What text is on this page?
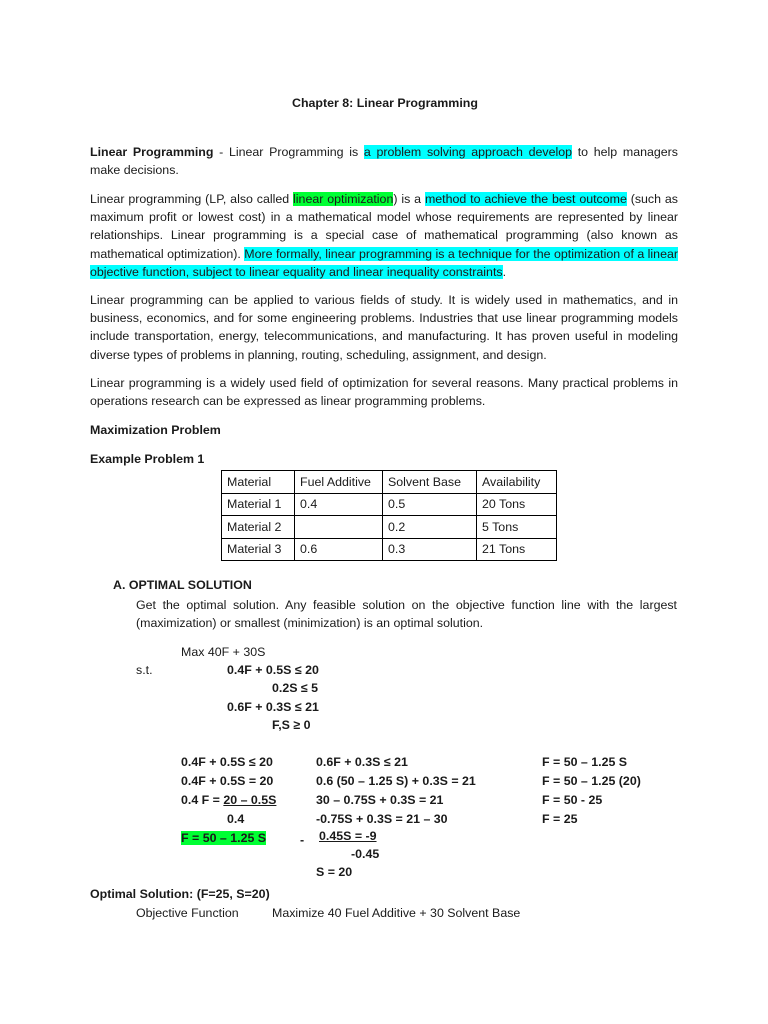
Chapter 8: Linear Programming
Linear Programming - Linear Programming is a problem solving approach develop to help managers make decisions.
Linear programming (LP, also called linear optimization) is a method to achieve the best outcome (such as maximum profit or lowest cost) in a mathematical model whose requirements are represented by linear relationships. Linear programming is a special case of mathematical programming (also known as mathematical optimization). More formally, linear programming is a technique for the optimization of a linear objective function, subject to linear equality and linear inequality constraints.
Linear programming can be applied to various fields of study. It is widely used in mathematics, and in business, economics, and for some engineering problems. Industries that use linear programming models include transportation, energy, telecommunications, and manufacturing. It has proven useful in modeling diverse types of problems in planning, routing, scheduling, assignment, and design.
Linear programming is a widely used field of optimization for several reasons. Many practical problems in operations research can be expressed as linear programming problems.
Maximization Problem
Example Problem 1
Material	Fuel Additive	Solvent Base	Availability
Material 1	0.4	0.5	20 Tons
Material 2		0.2	5 Tons
Material 3	0.6	0.3	21 Tons
A. OPTIMAL SOLUTION
Get the optimal solution. Any feasible solution on the objective function line with the largest (maximization) or smallest (minimization) is an optimal solution.
Max 40F + 30S
s.t.	0.4F + 0.5S ≤ 20
0.2S ≤ 5
0.6F + 0.3S ≤ 21
F,S ≥ 0
0.4F + 0.5S ≤ 20
0.4F + 0.5S = 20
0.4 F = 20 – 0.5S
0.4
F = 50 – 1.25 S
0.6F + 0.3S ≤ 21
0.6 (50 – 1.25 S) + 0.3S = 21
30 – 0.75S + 0.3S = 21
-0.75S + 0.3S = 21 – 30
- 0.45S = -9
-0.45
S = 20
F = 50 – 1.25 S
F = 50 – 1.25 (20)
F = 50 - 25
F = 25
Optimal Solution: (F=25, S=20)
Objective Function	Maximize 40 Fuel Additive + 30 Solvent Base
